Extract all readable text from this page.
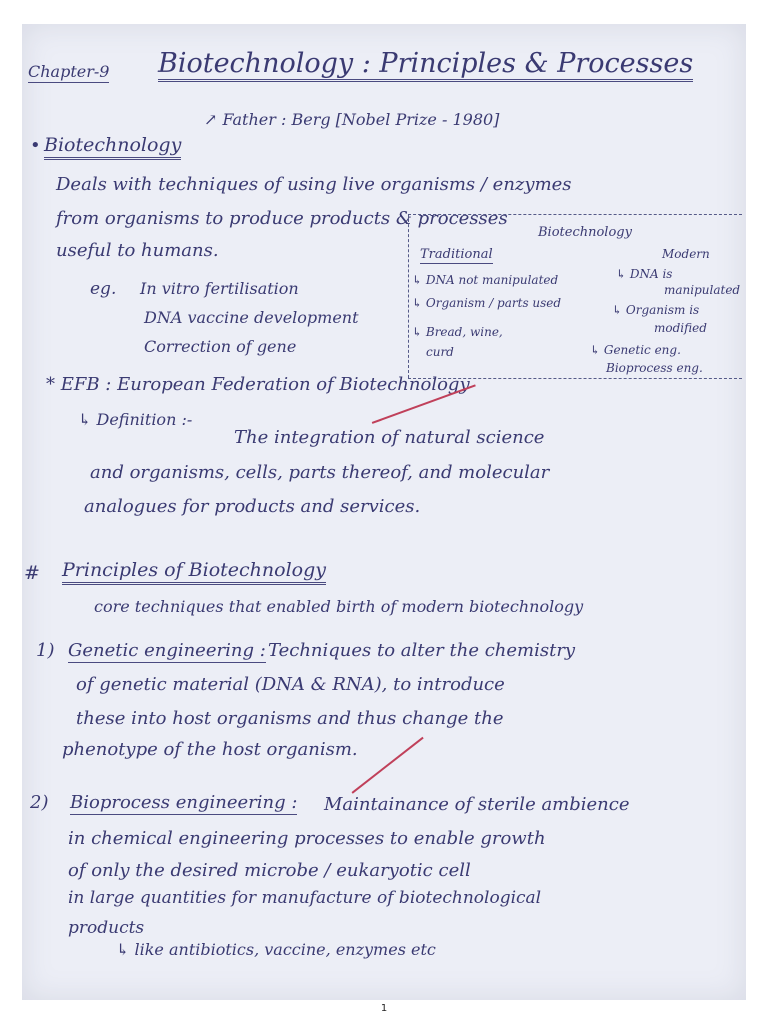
Chapter-9 Biotechnology : Principles & Processes
• Biotechnology
↗ Father : Berg [Nobel Prize - 1980]
Deals with techniques of using live organisms / enzymes
from organisms to produce products & processes
useful to humans.
eg. In vitro fertilisation
DNA vaccine development
Correction of gene
Biotechnology
Traditional
↳ DNA not manipulated
↳ Organism / parts used
↳ Bread, wine,
curd
Modern
↳ DNA is
manipulated
↳ Organism is
modified
↳ Genetic eng.
Bioprocess eng.
* EFB : European Federation of Biotechnology
↳ Definition :-
The integration of natural science
and organisms, cells, parts thereof, and molecular
analogues for products and services.
# Principles of Biotechnology
core techniques that enabled birth of modern biotechnology
1) Genetic engineering : Techniques to alter the chemistry
of genetic material (DNA & RNA), to introduce
these into host organisms and thus change the
phenotype of the host organism.
2) Bioprocess engineering : Maintainance of sterile ambience
in chemical engineering processes to enable growth
of only the desired microbe / eukaryotic cell
in large quantities for manufacture of biotechnological
products
↳ like antibiotics, vaccine, enzymes etc
1
